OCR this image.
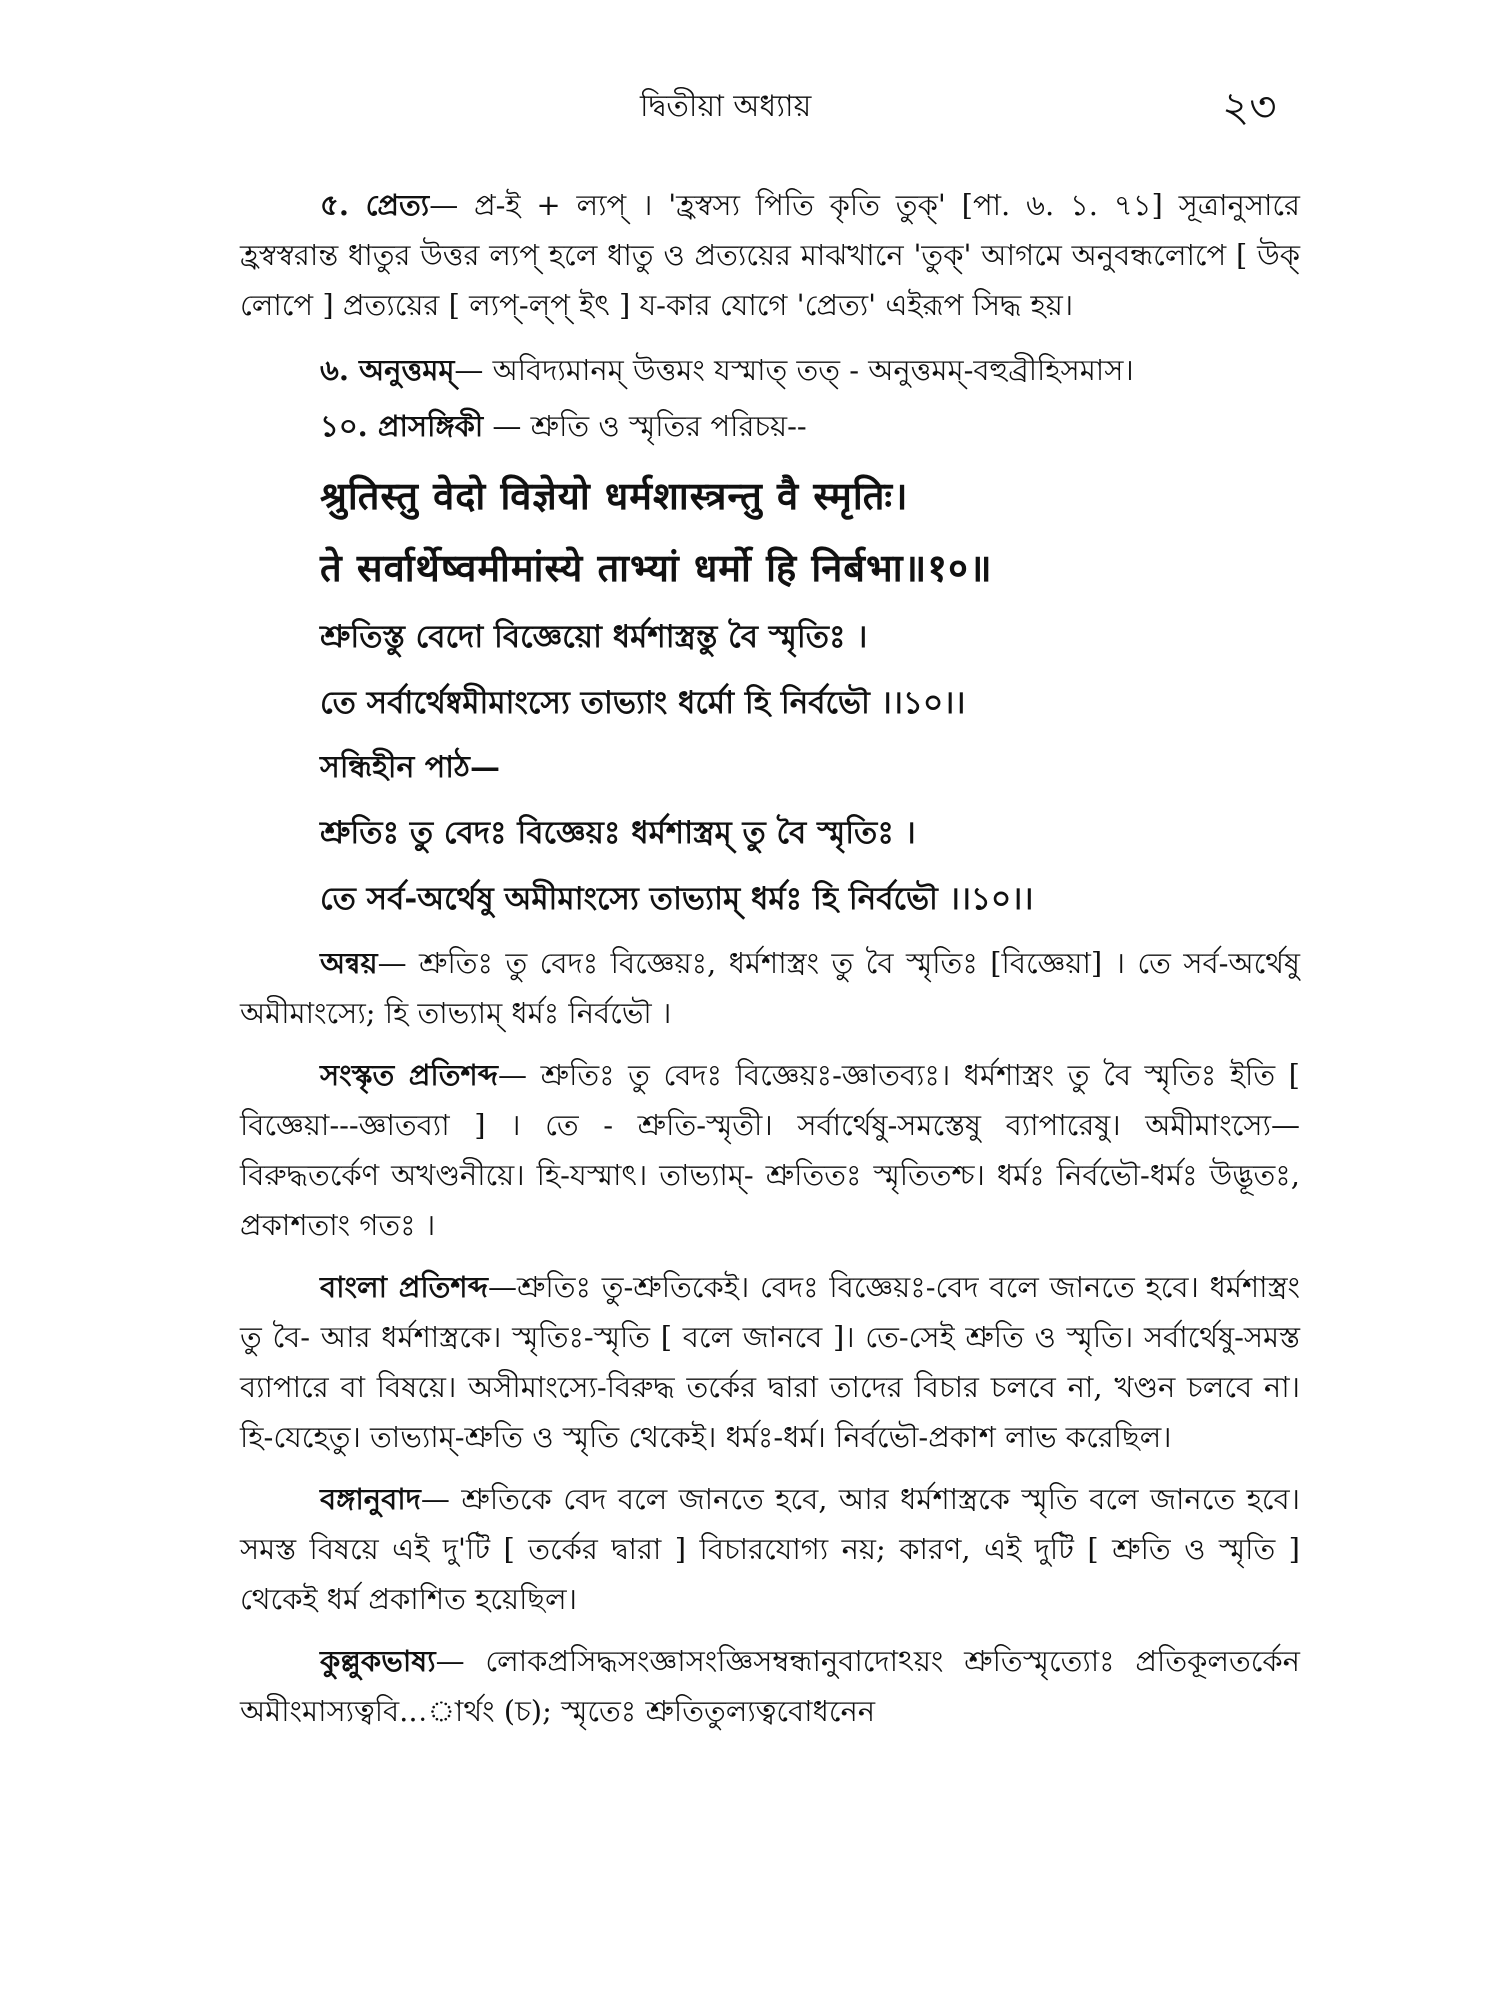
দ্বিতীয়া অধ্যায়	২৩

৫. প্রেত্য— প্র-ই + ল্যপ্ । 'হ্রস্বস্য পিতি কৃতি তুক্' [পা. ৬. ১. ৭১] সূত্রানুসারে হ্রস্বস্বরান্ত ধাতুর উত্তর ল্যপ্ হলে ধাতু ও প্রত্যয়ের মাঝখানে 'তুক্' আগমে অনুবন্ধলোপে [ উক্ লোপে ] প্রত্যয়ের [ ল্যপ্-ল্প্ ইৎ ] য-কার যোগে 'প্রেত্য' এইরূপ সিদ্ধ হয়।

৬. অনুত্তমম্— অবিদ্যমানম্ উত্তমং যস্মাত্ তত্ - অনুত্তমম্-বহুব্রীহিসমাস।
১০. প্রাসঙ্গিকী — শ্রুতি ও স্মৃতির পরিচয়--
श्रुतिस्तु वेदो विज्ञेयो धर्मशास्त्रन्तु वै स्मृतिः।
ते सर्वार्थेष्वमीमांस्ये ताभ्यां धर्मो हि निर्बभा॥१०॥
শ্রুতিস্তু বেদো বিজ্ঞেয়ো ধর্মশাস্ত্রন্তু বৈ স্মৃতিঃ ।
তে সর্বার্থেষ্বমীমাংস্যে তাভ্যাং ধর্মো হি নির্বভৌ ।।১০।।
সন্ধিহীন পাঠ—
শ্রুতিঃ তু বেদঃ বিজ্ঞেয়ঃ ধর্মশাস্ত্রম্ তু বৈ স্মৃতিঃ ।
তে সর্ব-অর্থেষু অমীমাংস্যে তাভ্যাম্ ধর্মঃ হি নির্বভৌ ।।১০।।

অন্বয়— শ্রুতিঃ তু বেদঃ বিজ্ঞেয়ঃ, ধর্মশাস্ত্রং তু বৈ স্মৃতিঃ [বিজ্ঞেয়া] । তে সর্ব-অর্থেষু অমীমাংস্যে; হি তাভ্যাম্ ধর্মঃ নির্বভৌ ।

সংস্কৃত প্রতিশব্দ— শ্রুতিঃ তু বেদঃ বিজ্ঞেয়ঃ-জ্ঞাতব্যঃ। ধর্মশাস্ত্রং তু বৈ স্মৃতিঃ ইতি [ বিজ্ঞেয়া---জ্ঞাতব্যা ] । তে - শ্রুতি-স্মৃতী। সর্বার্থেষু-সমস্তেষু ব্যাপারেষু। অমীমাংস্যে—বিরুদ্ধতর্কেণ অখণ্ডনীয়ে। হি-যস্মাৎ। তাভ্যাম্- শ্রুতিতঃ স্মৃতিতশ্চ। ধর্মঃ নির্বভৌ-ধর্মঃ উদ্ভূতঃ, প্রকাশতাং গতঃ ।

বাংলা প্রতিশব্দ—শ্রুতিঃ তু-শ্রুতিকেই। বেদঃ বিজ্ঞেয়ঃ-বেদ বলে জানতে হবে। ধর্মশাস্ত্রং তু বৈ- আর ধর্মশাস্ত্রকে। স্মৃতিঃ-স্মৃতি [ বলে জানবে ]। তে-সেই শ্রুতি ও স্মৃতি। সর্বার্থেষু-সমস্ত ব্যাপারে বা বিষয়ে। অসীমাংস্যে-বিরুদ্ধ তর্কের দ্বারা তাদের বিচার চলবে না, খণ্ডন চলবে না। হি-যেহেতু। তাভ্যাম্-শ্রুতি ও স্মৃতি থেকেই। ধর্মঃ-ধর্ম। নির্বভৌ-প্রকাশ লাভ করেছিল।

বঙ্গানুবাদ— শ্রুতিকে বেদ বলে জানতে হবে, আর ধর্মশাস্ত্রকে স্মৃতি বলে জানতে হবে। সমস্ত বিষয়ে এই দু'টি [ তর্কের দ্বারা ] বিচারযোগ্য নয়; কারণ, এই দুটি [ শ্রুতি ও স্মৃতি ] থেকেই ধর্ম প্রকাশিত হয়েছিল।

কুল্লুকভাষ্য— লোকপ্রসিদ্ধসংজ্ঞাসংজ্ঞিসম্বন্ধানুবাদোঽয়ং শ্রুতিস্মৃত্যোঃ প্রতিকূলতর্কেন অমীংমাস্যত্ববি...ার্থং (চ); স্মৃতেঃ শ্রুতিতুল্যত্ববোধনেন
